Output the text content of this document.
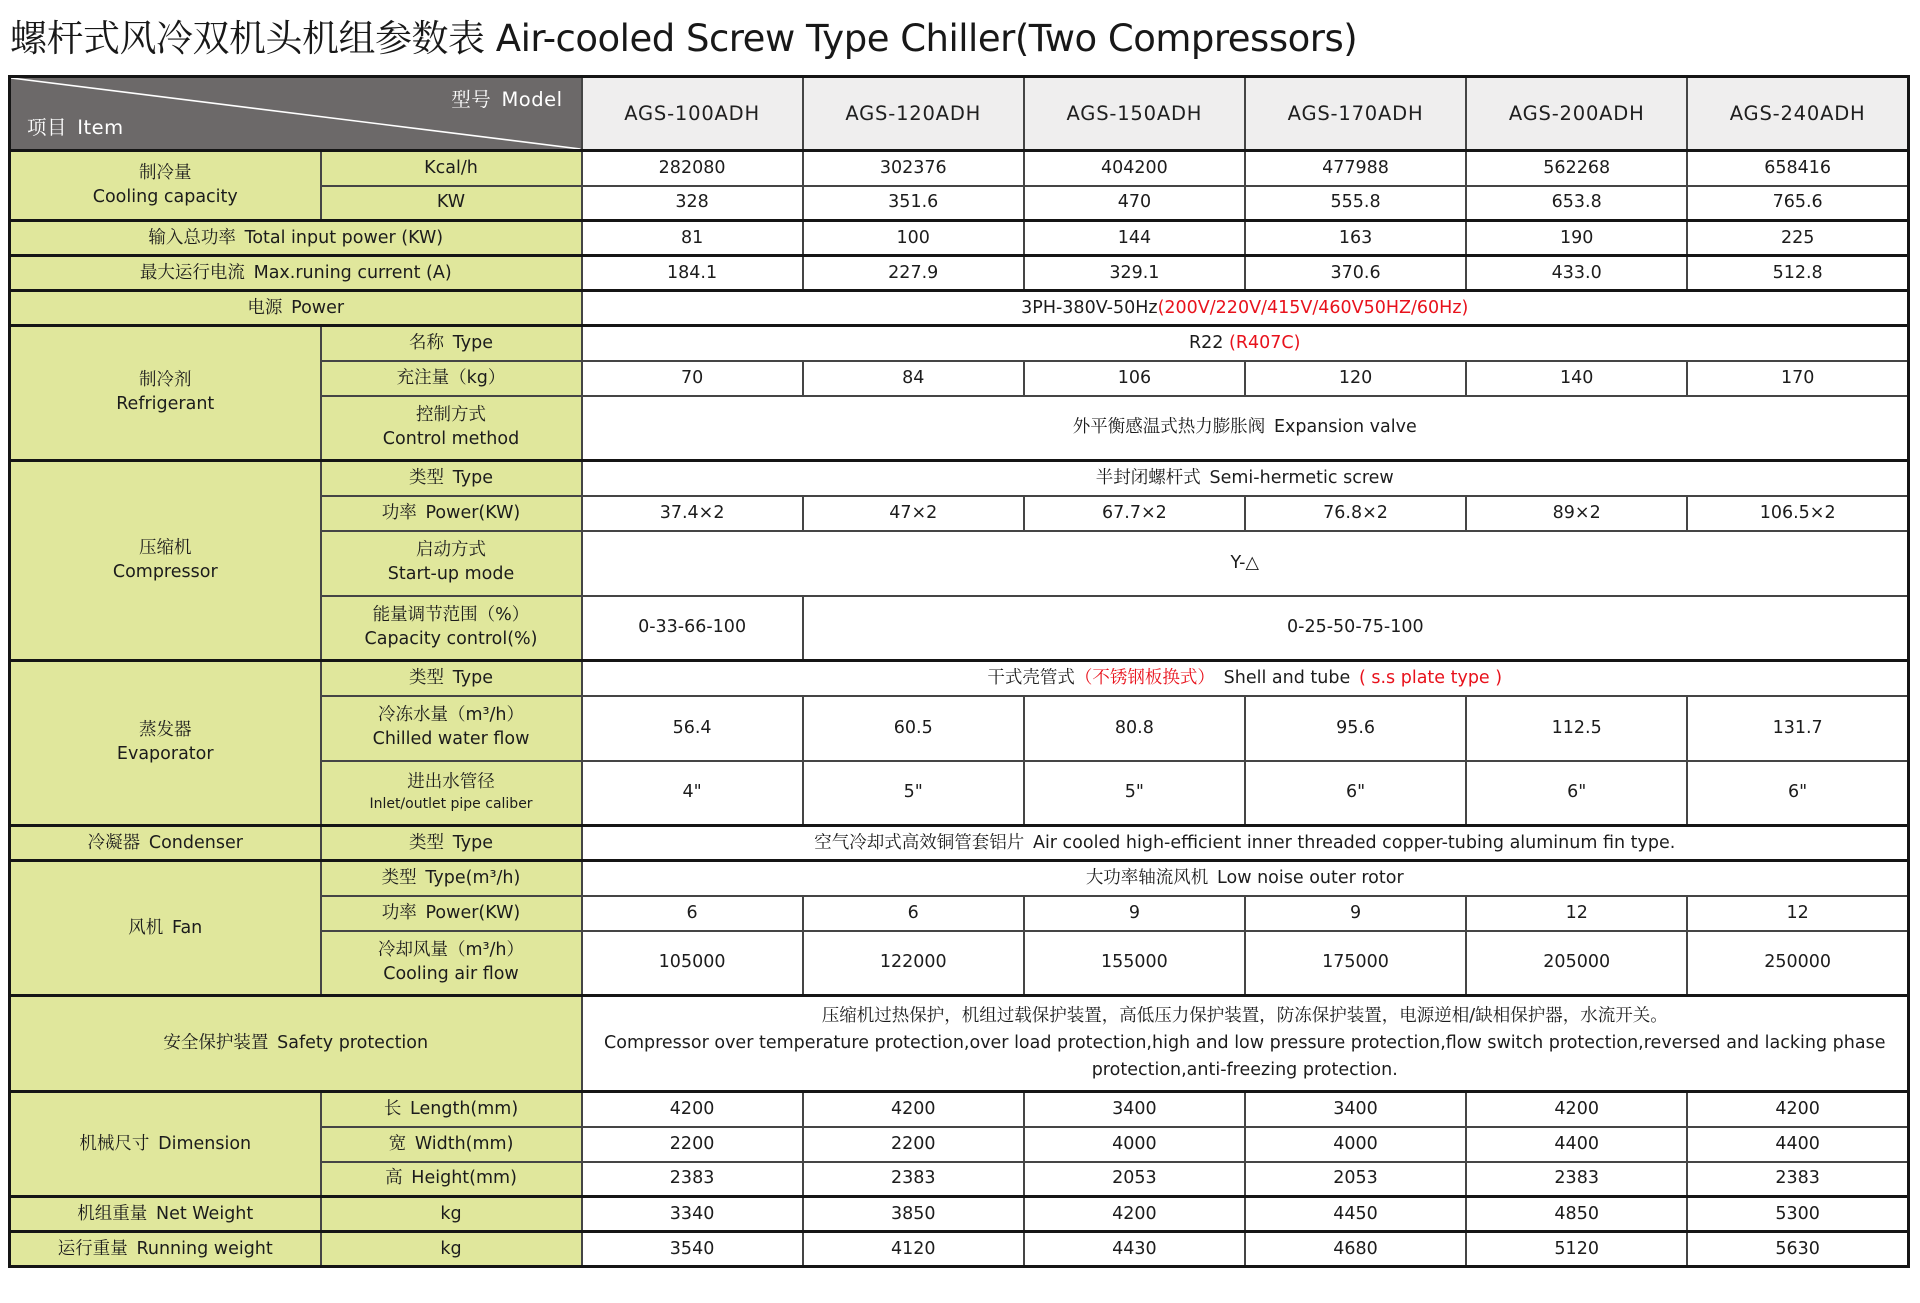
螺杆式风冷双机头机组参数表 Air-cooled Screw Type Chiller(Two Compressors)
型号 Model
项目 Item		AGS-100ADH	AGS-120ADH	AGS-150ADH	AGS-170ADH	AGS-200ADH	AGS-240ADH

制冷量
Cooling capacity	Kcal/h	282080	302376	404200	477988	562268	658416
	KW	328	351.6	470	555.8	653.8	765.6
输入总功率 Total input power (KW)		81	100	144	163	190	225
最大运行电流 Max.runing current (A)		184.1	227.9	329.1	370.6	433.0	512.8
电源 Power		3PH-380V-50Hz(200V/220V/415V/460V50HZ/60Hz)					

制冷剂
Refrigerant	名称 Type	R22 (R407C)					
	充注量（kg）	70	84	106	120	140	170

	控制方式
Control method	外平衡感温式热力膨胀阀 Expansion valve					

压缩机
Compressor	类型 Type	半封闭螺杆式 Semi-hermetic screw					
	功率 Power(KW)	37.4×2	47×2	67.7×2	76.8×2	89×2	106.5×2

	启动方式
Start-up mode	Y-△					

	能量调节范围（%）
Capacity control(%)	0-33-66-100	0-25-50-75-100				

蒸发器
Evaporator	类型 Type	干式壳管式（不锈钢板换式） Shell and tube ( s.s plate type )					

	冷冻水量（m³/h）
Chilled water flow	56.4	60.5	80.8	95.6	112.5	131.7

	进出水管径
Inlet/outlet pipe caliber	4"	5"	5"	6"	6"	6"
冷凝器 Condenser	类型 Type	空气冷却式高效铜管套铝片 Air cooled high-efficient inner threaded copper-tubing aluminum fin type.					
风机 Fan	类型 Type(m³/h)	大功率轴流风机 Low noise outer rotor					
	功率 Power(KW)	6	6	9	9	12	12

	冷却风量（m³/h）
Cooling air flow	105000	122000	155000	175000	205000	250000
安全保护装置 Safety protection		压缩机过热保护，机组过载保护装置，高低压力保护装置，防冻保护装置，电源逆相/缺相保护器，水流开关。
Compressor over temperature protection,over load protection,high and low pressure protection,flow switch protection,reversed and lacking phase protection,anti-freezing protection.					

机械尺寸 Dimension	长 Length(mm)	4200	4200	3400	3400	4200	4200
	宽 Width(mm)	2200	2200	4000	4000	4400	4400
	高 Height(mm)	2383	2383	2053	2053	2383	2383
机组重量 Net Weight	kg	3340	3850	4200	4450	4850	5300
运行重量 Running weight	kg	3540	4120	4430	4680	5120	5630
